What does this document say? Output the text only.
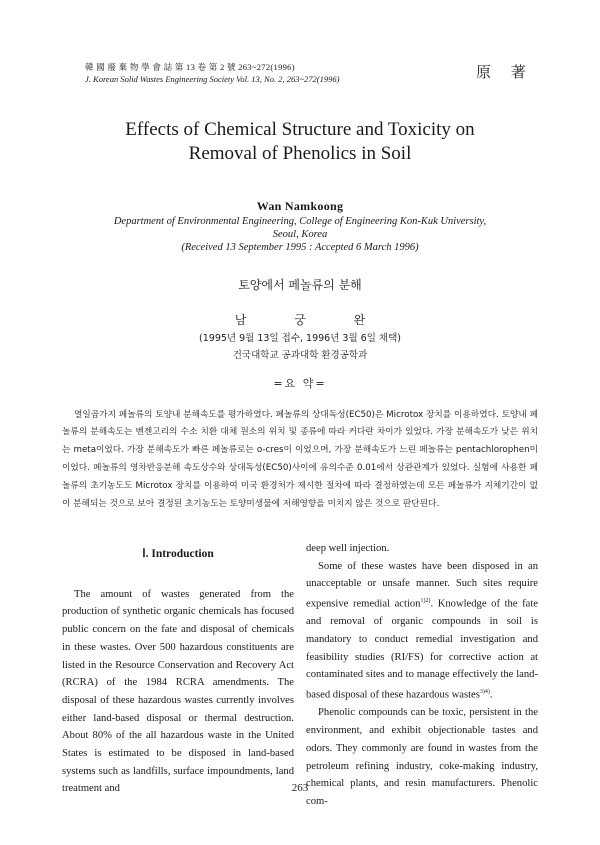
韓 國 廢 棄 物 學 會 誌 第 13 卷 第 2 號 263~272(1996)
J. Korean Solid Wastes Engineering Society Vol. 13, No. 2, 263~272(1996)	原 著
Effects of Chemical Structure and Toxicity on
Removal of Phenolics in Soil
Wan Namkoong
Department of Environmental Engineering, College of Engineering Kon-Kuk University,
Seoul, Korea
(Received 13 September 1995 : Accepted 6 March 1996)
토양에서 페놀류의 분해
남 궁 완
(1995년 9월 13일 접수, 1996년 3월 6일 채택)
건국대학교 공과대학 환경공학과
=요 약=

열일곱가지 페놀류의 토양내 분해속도를 평가하였다. 페놀류의 상대독성(EC50)은 Microtox 장치를 이용하였다. 토양내 페놀류의 분해속도는 벤젠고리의 수소 치환 대체 원소의 위치 및 종류에 따라 커다란 차이가 있었다. 가장 분해속도가 낮은 위치는 meta이었다. 가장 분해속도가 빠른 페놀류로는 o-cres이 이었으며, 가장 분해속도가 느린 페놀류는 pentachlorophen이 이었다. 페놀류의 영차반응분해 속도상수와 상대독성(EC50)사이에 유의수준 0.01에서 상관관계가 있었다. 실험에 사용한 페놀류의 초기농도도 Microtox 장치를 이용하여 미국 환경처가 제시한 절차에 따라 결정하였는데 모든 페놀류가 지체기간이 없이 분해되는 것으로 보아 결정된 초기농도는 토양미생물에 저해영향을 미치지 않은 것으로 판단된다.

Ⅰ. Introduction

The amount of wastes generated from the production of synthetic organic chemicals has focused public concern on the fate and disposal of chemicals in these wastes. Over 500 hazardous constituents are listed in the Resource Conservation and Recovery Act (RCRA) of the 1984 RCRA amendments. The disposal of these hazardous wastes currently involves either land-based disposal or thermal destruction. About 80% of the all hazardous waste in the United States is estimated to be disposed in land-based systems such as landfills, surface impoundments, land treatment and

deep well injection.

Some of these wastes have been disposed in an unacceptable or unsafe manner. Such sites require expensive remedial action$^{1)2)}$. Knowledge of the fate and removal of organic compounds in soil is mandatory to conduct remedial investigation and feasibility studies (RI/FS) for corrective action at contaminated sites and to manage effectively the land-based disposal of these hazardous wastes$^{3)4)}$.

Phenolic compounds can be toxic, persistent in the environment, and exhibit objectionable tastes and odors. They commonly are found in wastes from the petroleum refining industry, coke-making industry, chemical plants, and resin manufacturers. Phenolic com-

263
